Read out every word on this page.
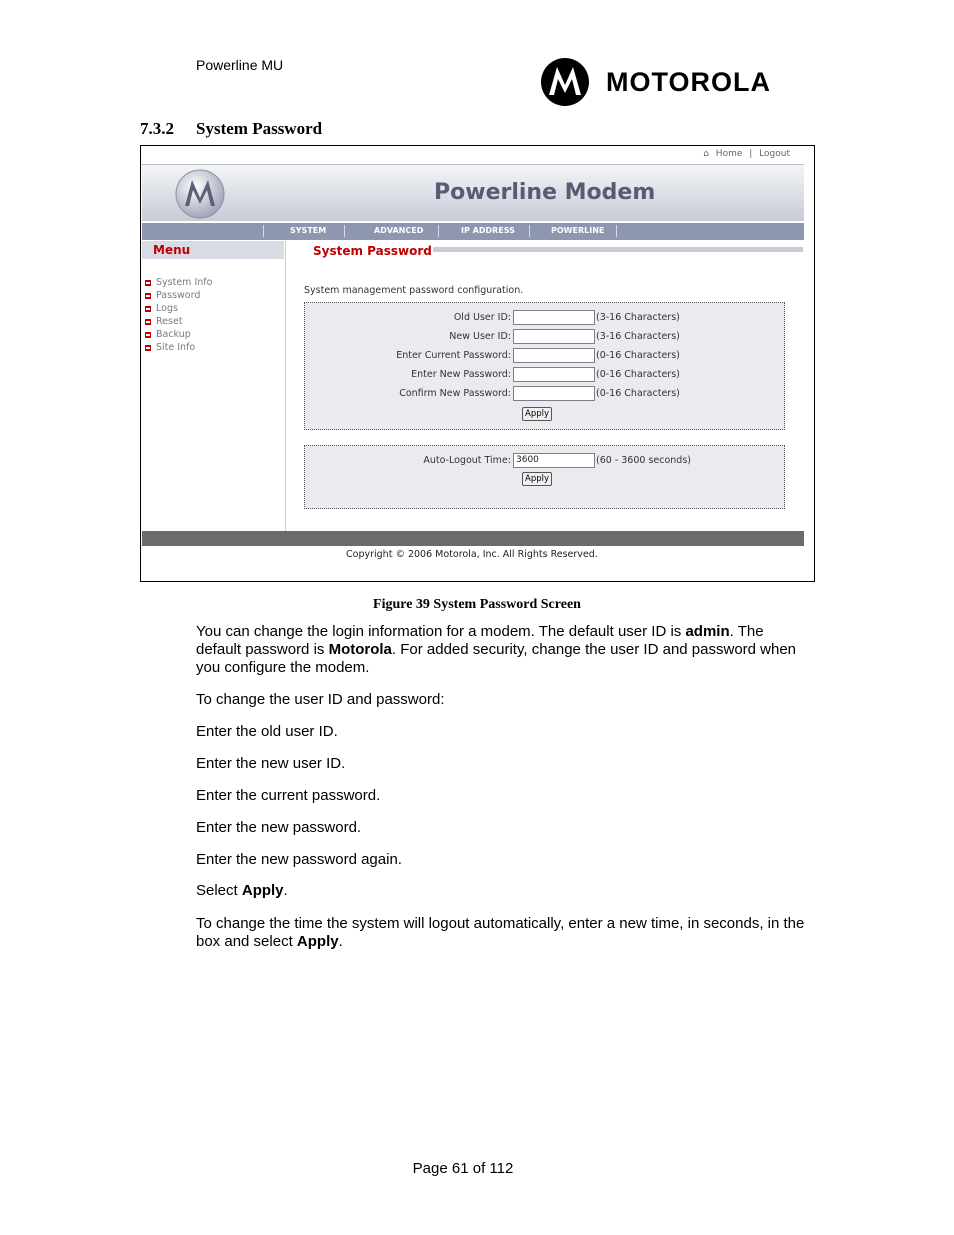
Powerline MU
MOTOROLA
7.3.2 System Password
⌂ Home | Logout
Powerline Modem
SYSTEM	ADVANCED	IP ADDRESS	POWERLINE
Menu	System Password
System Info
Password
Logs
Reset
Backup
Site Info
System management password configuration.
Old User ID:	(3-16 Characters)
New User ID:	(3-16 Characters)
Enter Current Password:	(0-16 Characters)
Enter New Password:	(0-16 Characters)
Confirm New Password:	(0-16 Characters)
Apply
Auto-Logout Time: 3600	(60 - 3600 seconds)
Apply
Copyright © 2006 Motorola, Inc. All Rights Reserved.
Figure 39 System Password Screen
You can change the login information for a modem. The default user ID is admin. The default password is Motorola. For added security, change the user ID and password when you configure the modem.
To change the user ID and password:
Enter the old user ID.
Enter the new user ID.
Enter the current password.
Enter the new password.
Enter the new password again.
Select Apply.
To change the time the system will logout automatically, enter a new time, in seconds, in the box and select Apply.
Page 61 of 112
